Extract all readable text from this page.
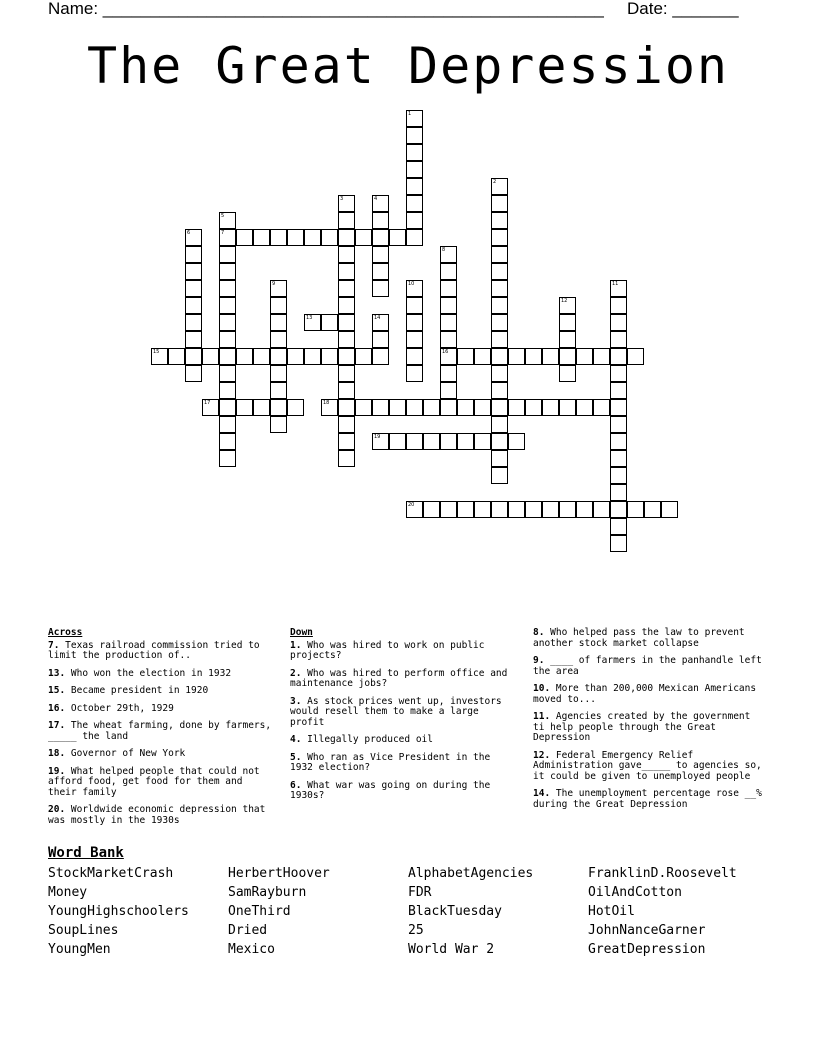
Name: _____________________________________________________ Date: _______
The Great Depression
1
2
3	4
5
7
6
8
9	10	11
12
13	14
15	16
17	18
19
20
Across
7. Texas railroad commission tried to limit the production of..
13. Who won the election in 1932
15. Became president in 1920
16. October 29th, 1929
17. The wheat farming, done by farmers, _____ the land
18. Governor of New York
19. What helped people that could not afford food, get food for them and their family
20. Worldwide economic depression that was mostly in the 1930s
Down
1. Who was hired to work on public projects?
2. Who was hired to perform office and maintenance jobs?
3. As stock prices went up, investors would resell them to make a large profit
4. Illegally produced oil
5. Who ran as Vice President in the 1932 election?
6. What war was going on during the 1930s?
8. Who helped pass the law to prevent another stock market collapse
9. ____ of farmers in the panhandle left the area
10. More than 200,000 Mexican Americans moved to...
11. Agencies created by the government ti help people through the Great Depression
12. Federal Emergency Relief Administration gave_____ to agencies so, it could be given to unemployed people
14. The unemployment percentage rose __% during the Great Depression
Word Bank
StockMarketCrash
Money
YoungHighschoolers
SoupLines
YoungMen
HerbertHoover
SamRayburn
OneThird
Dried
Mexico
AlphabetAgencies
FDR
BlackTuesday
25
World War 2
FranklinD.Roosevelt
OilAndCotton
HotOil
JohnNanceGarner
GreatDepression
